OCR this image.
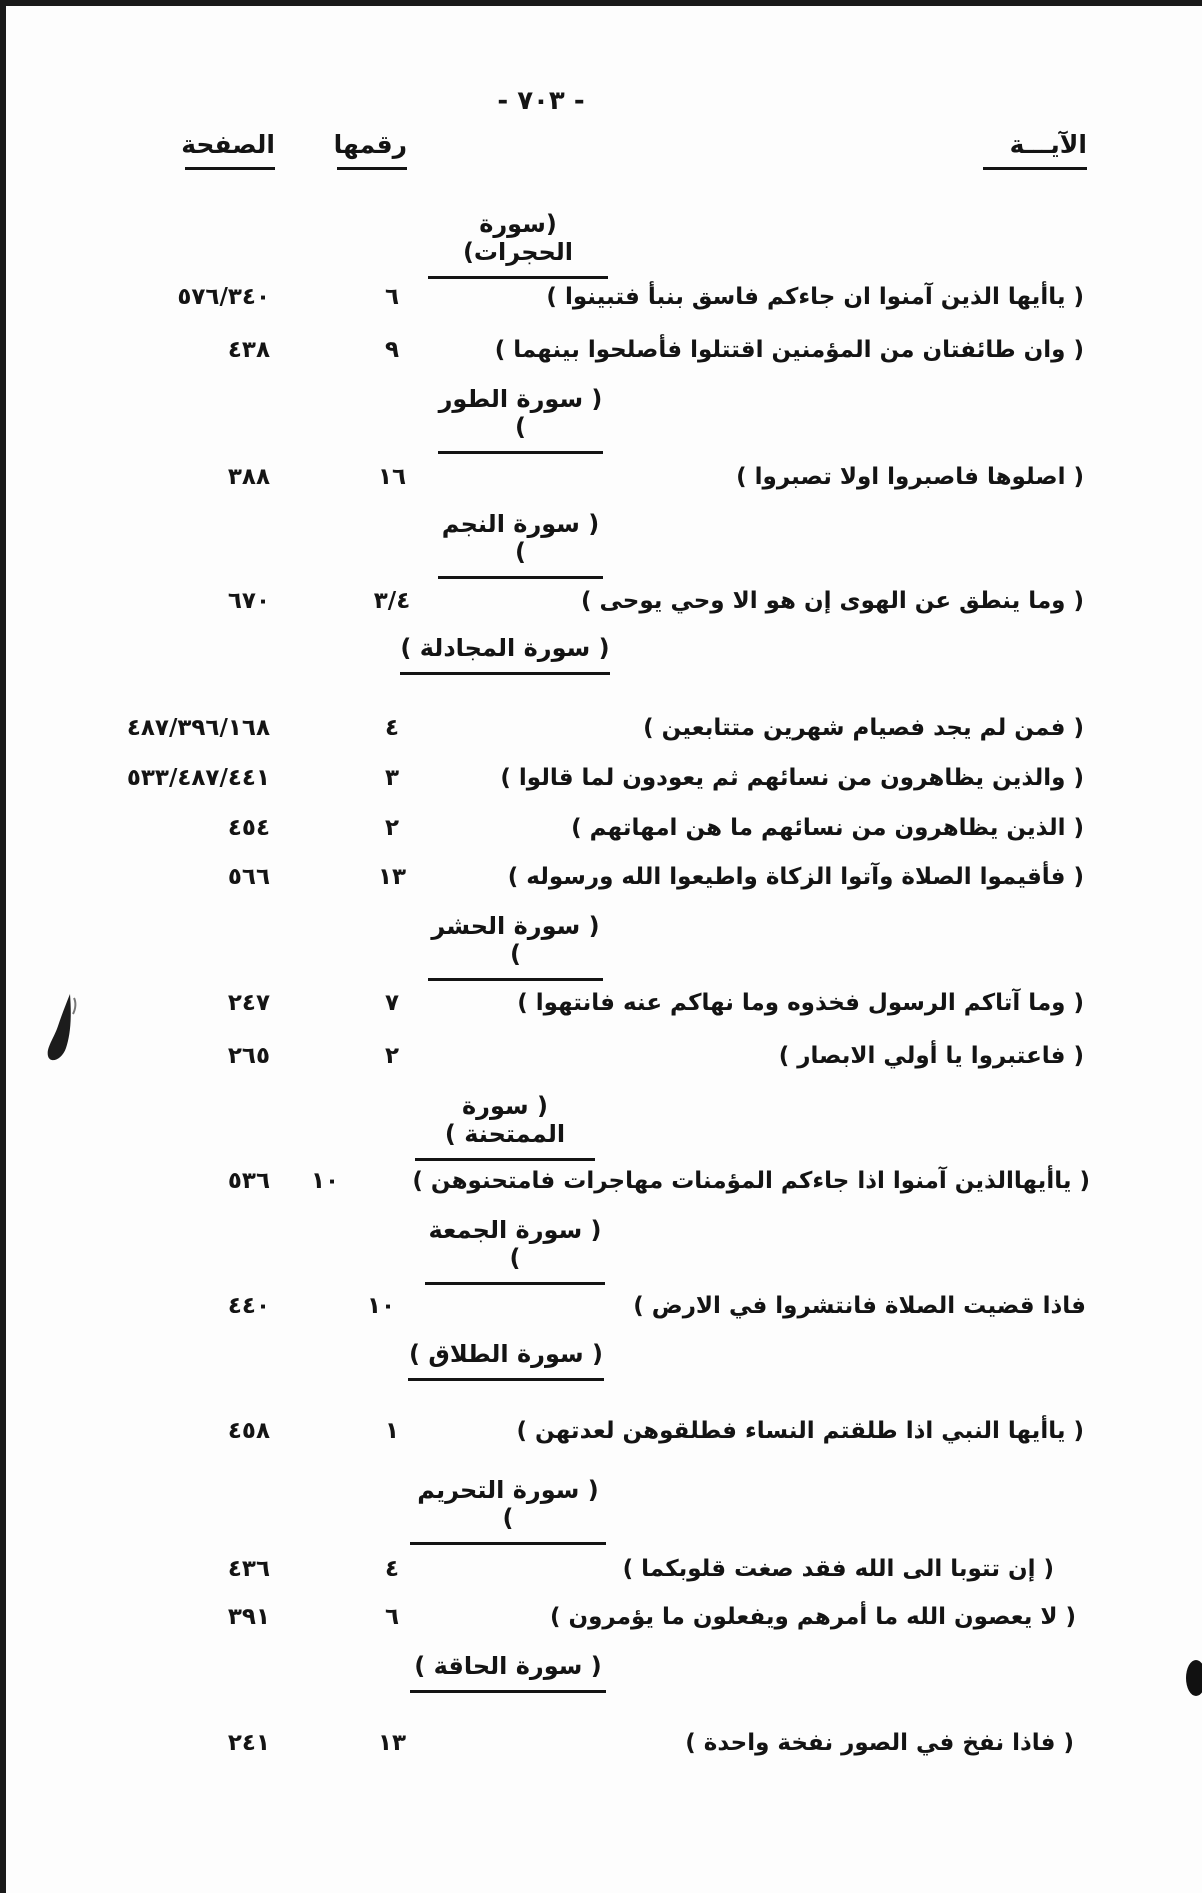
- ٧٠٣ -
الآيـــة
رقمها
الصفحة
(سورة الحجرات)
( ياأيها الذين آمنوا ان جاءكم فاسق بنبأ فتبينوا )
٦
٥٧٦/٣٤٠
( وان طائفتان من المؤمنين اقتتلوا فأصلحوا بينهما )
٩
٤٣٨
( سورة الطور )
( اصلوها فاصبروا اولا تصبروا )
١٦
٣٨٨
( سورة النجم )
( وما ينطق عن الهوى إن هو الا وحي يوحى )
٣/٤
٦٧٠
( سورة المجادلة )
( فمن لم يجد فصيام شهرين متتابعين )
٤
٤٨٧/٣٩٦/١٦٨
( والذين يظاهرون من نسائهم ثم يعودون لما قالوا )
٣
٥٣٣/٤٨٧/٤٤١
( الذين يظاهرون من نسائهم ما هن امهاتهم )
٢
٤٥٤
( فأقيموا الصلاة وآتوا الزكاة واطيعوا الله ورسوله )
١٣
٥٦٦
( سورة الحشر )
( وما آتاكم الرسول فخذوه وما نهاكم عنه فانتهوا )
٧
٢٤٧
( فاعتبروا يا أولي الابصار )
٢
٢٦٥
( سورة الممتحنة )
( ياأيهاالذين آمنوا اذا جاءكم المؤمنات مهاجرات فامتحنوهن )
١٠
٥٣٦
( سورة الجمعة )
فاذا قضيت الصلاة فانتشروا في الارض )
١٠
٤٤٠
( سورة الطلاق )
( ياأيها النبي اذا طلقتم النساء فطلقوهن لعدتهن )
١
٤٥٨
( سورة التحريم )
( إن تتوبا الى الله فقد صغت قلوبكما )
٤
٤٣٦
( لا يعصون الله ما أمرهم ويفعلون ما يؤمرون )
٦
٣٩١
( سورة الحاقة )
( فاذا نفخ في الصور نفخة واحدة )
١٣
٢٤١
